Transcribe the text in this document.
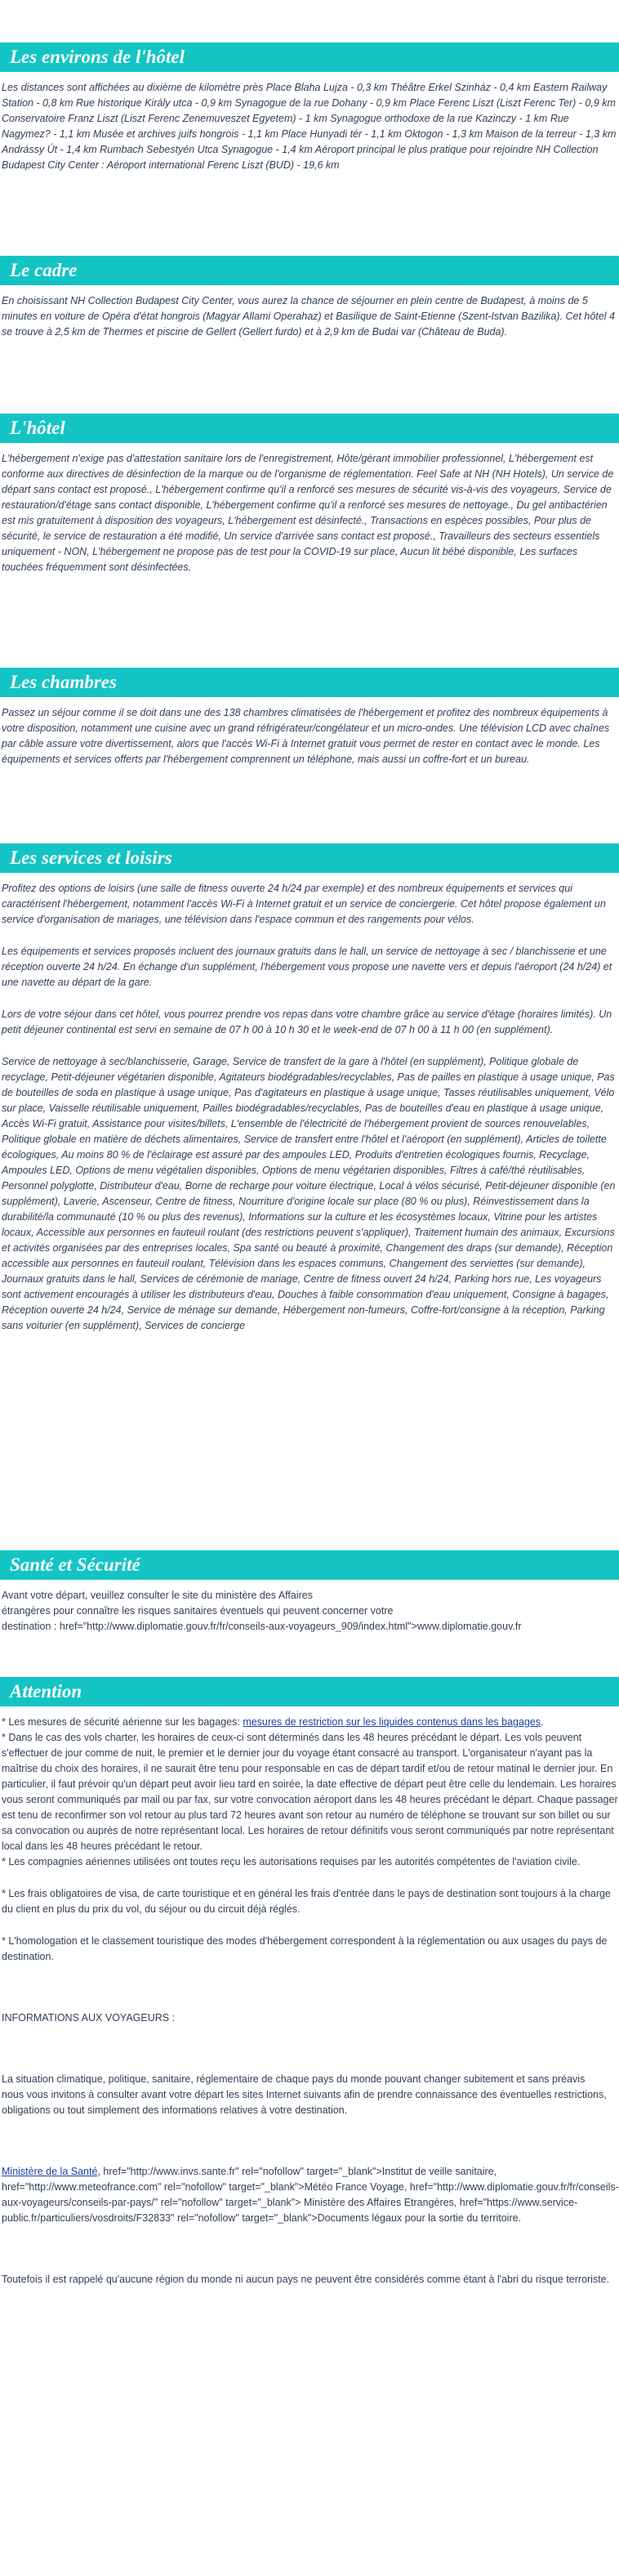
Les environs de l'hôtel

Les distances sont affichées au dixième de kilomètre près Place Blaha Lujza - 0,3 km Théâtre Erkel Szinház - 0,4 km Eastern Railway Station - 0,8 km Rue historique Király utca - 0,9 km Synagogue de la rue Dohany - 0,9 km Place Ferenc Liszt (Liszt Ferenc Ter) - 0,9 km Conservatoire Franz Liszt (Liszt Ferenc Zenemuveszet Egyetem) - 1 km Synagogue orthodoxe de la rue Kazinczy - 1 km Rue Nagymez? - 1,1 km Musée et archives juifs hongrois - 1,1 km Place Hunyadi tér - 1,1 km Oktogon - 1,3 km Maison de la terreur - 1,3 km Andrássy Út - 1,4 km Rumbach Sebestyén Utca Synagogue - 1,4 km Aéroport principal le plus pratique pour rejoindre NH Collection Budapest City Center : Aéroport international Ferenc Liszt (BUD) - 19,6 km

Le cadre

En choisissant NH Collection Budapest City Center, vous aurez la chance de séjourner en plein centre de Budapest, à moins de 5 minutes en voiture de Opéra d'état hongrois (Magyar Allami Operahaz) et Basilique de Saint-Etienne (Szent-Istvan Bazilika). Cet hôtel 4 se trouve à 2,5 km de Thermes et piscine de Gellert (Gellert furdo) et à 2,9 km de Budai var (Château de Buda).

L'hôtel

L'hébergement n'exige pas d'attestation sanitaire lors de l'enregistrement, Hôte/gérant immobilier professionnel, L'hébergement est conforme aux directives de désinfection de la marque ou de l'organisme de réglementation. Feel Safe at NH (NH Hotels), Un service de départ sans contact est proposé., L'hébergement confirme qu'il a renforcé ses mesures de sécurité vis-à-vis des voyageurs, Service de restauration/d'étage sans contact disponible, L'hébergement confirme qu'il a renforcé ses mesures de nettoyage., Du gel antibactérien est mis gratuitement à disposition des voyageurs, L'hébergement est désinfecté., Transactions en espèces possibles, Pour plus de sécurité, le service de restauration a été modifié, Un service d'arrivée sans contact est proposé., Travailleurs des secteurs essentiels uniquement - NON, L'hébergement ne propose pas de test pour la COVID-19 sur place, Aucun lit bébé disponible, Les surfaces touchées fréquemment sont désinfectées.

Les chambres

Passez un séjour comme il se doit dans une des 138 chambres climatisées de l'hébergement et profitez des nombreux équipements à votre disposition, notamment une cuisine avec un grand réfrigérateur/congélateur et un micro-ondes. Une télévision LCD avec chaînes par câble assure votre divertissement, alors que l'accès Wi-Fi à Internet gratuit vous permet de rester en contact avec le monde. Les équipements et services offerts par l'hébergement comprennent un téléphone, mais aussi un coffre-fort et un bureau.

Les services et loisirs

Profitez des options de loisirs (une salle de fitness ouverte 24 h/24 par exemple) et des nombreux équipements et services qui caractérisent l'hébergement, notamment l'accès Wi-Fi à Internet gratuit et un service de conciergerie. Cet hôtel propose également un service d'organisation de mariages, une télévision dans l'espace commun et des rangements pour vélos.

Les équipements et services proposés incluent des journaux gratuits dans le hall, un service de nettoyage à sec / blanchisserie et une réception ouverte 24 h/24. En échange d'un supplément, l'hébergement vous propose une navette vers et depuis l'aéroport (24 h/24) et une navette au départ de la gare.

Lors de votre séjour dans cet hôtel, vous pourrez prendre vos repas dans votre chambre grâce au service d'étage (horaires limités). Un petit déjeuner continental est servi en semaine de 07 h 00 à 10 h 30 et le week-end de 07 h 00 à 11 h 00 (en supplément).

Service de nettoyage à sec/blanchisserie, Garage, Service de transfert de la gare à l'hôtel (en supplément), Politique globale de recyclage, Petit-déjeuner végétarien disponible, Agitateurs biodégradables/recyclables, Pas de pailles en plastique à usage unique, Pas de bouteilles de soda en plastique à usage unique, Pas d'agitateurs en plastique à usage unique, Tasses réutilisables uniquement, Vélo sur place, Vaisselle réutilisable uniquement, Pailles biodégradables/recyclables, Pas de bouteilles d'eau en plastique à usage unique, Accès Wi-Fi gratuit, Assistance pour visites/billets, L'ensemble de l'électricité de l'hébergement provient de sources renouvelables, Politique globale en matière de déchets alimentaires, Service de transfert entre l'hôtel et l'aéroport (en supplément), Articles de toilette écologiques, Au moins 80 % de l'éclairage est assuré par des ampoules LED, Produits d'entretien écologiques fournis, Recyclage, Ampoules LED, Options de menu végétalien disponibles, Options de menu végétarien disponibles, Filtres à café/thé réutilisables, Personnel polyglotte, Distributeur d'eau, Borne de recharge pour voiture électrique, Local à vélos sécurisé, Petit-déjeuner disponible (en supplément), Laverie, Ascenseur, Centre de fitness, Nourriture d'origine locale sur place (80 % ou plus), Réinvestissement dans la durabilité/la communauté (10 % ou plus des revenus), Informations sur la culture et les écosystèmes locaux, Vitrine pour les artistes locaux, Accessible aux personnes en fauteuil roulant (des restrictions peuvent s'appliquer), Traitement humain des animaux, Excursions et activités organisées par des entreprises locales, Spa santé ou beauté à proximité, Changement des draps (sur demande), Réception accessible aux personnes en fauteuil roulant, Télévision dans les espaces communs, Changement des serviettes (sur demande), Journaux gratuits dans le hall, Services de cérémonie de mariage, Centre de fitness ouvert 24 h/24, Parking hors rue, Les voyageurs sont activement encouragés à utiliser les distributeurs d'eau, Douches à faible consommation d'eau uniquement, Consigne à bagages, Réception ouverte 24 h/24, Service de ménage sur demande, Hébergement non-fumeurs, Coffre-fort/consigne à la réception, Parking sans voiturier (en supplément), Services de concierge

Santé et Sécurité

Avant votre départ, veuillez consulter le site du ministère des Affaires

étrangères pour connaître les risques sanitaires éventuels qui peuvent concerner votre

destination : href="http://www.diplomatie.gouv.fr/fr/conseils-aux-voyageurs_909/index.html">www.diplomatie.gouv.fr

Attention

* Les mesures de sécurité aérienne sur les bagages: mesures de restriction sur les liquides contenus dans les bagages.

* Dans le cas des vols charter, les horaires de ceux-ci sont déterminés dans les 48 heures précédant le départ. Les vols peuvent s'effectuer de jour comme de nuit, le premier et le dernier jour du voyage étant consacré au transport. L'organisateur n'ayant pas la maîtrise du choix des horaires, il ne saurait être tenu pour responsable en cas de départ tardif et/ou de retour matinal le dernier jour. En particulier, il faut prévoir qu'un départ peut avoir lieu tard en soirée, la date effective de départ peut être celle du lendemain. Les horaires vous seront communiqués par mail ou par fax, sur votre convocation aéroport dans les 48 heures précédant le départ. Chaque passager est tenu de reconfirmer son vol retour au plus tard 72 heures avant son retour au numéro de téléphone se trouvant sur son billet ou sur sa convocation ou auprès de notre représentant local. Les horaires de retour définitifs vous seront communiqués par notre représentant local dans les 48 heures précédant le retour.

* Les compagnies aériennes utilisées ont toutes reçu les autorisations requises par les autorités compétentes de l'aviation civile.

* Les frais obligatoires de visa, de carte touristique et en général les frais d'entrée dans le pays de destination sont toujours à la charge du client en plus du prix du vol, du séjour ou du circuit déjà réglés.

* L'homologation et le classement touristique des modes d'hébergement correspondent à la réglementation ou aux usages du pays de destination.

INFORMATIONS AUX VOYAGEURS :

La situation climatique, politique, sanitaire, réglementaire de chaque pays du monde pouvant changer subitement et sans préavis

nous vous invitons à consulter avant votre départ les sites Internet suivants afin de prendre connaissance des éventuelles restrictions, obligations ou tout simplement des informations relatives à votre destination.

Ministère de la Santé, href="http://www.invs.sante.fr" rel="nofollow" target="_blank">Institut de veille sanitaire, href="http://www.meteofrance.com" rel="nofollow" target="_blank">Météo France Voyage, href="http://www.diplomatie.gouv.fr/fr/conseils-aux-voyageurs/conseils-par-pays/" rel="nofollow" target="_blank"> Ministère des Affaires Etrangères, href="https://www.service-public.fr/particuliers/vosdroits/F32833" rel="nofollow" target="_blank">Documents légaux pour la sortie du territoire.

Toutefois il est rappelé qu'aucune région du monde ni aucun pays ne peuvent être considérés comme étant à l'abri du risque terroriste.
